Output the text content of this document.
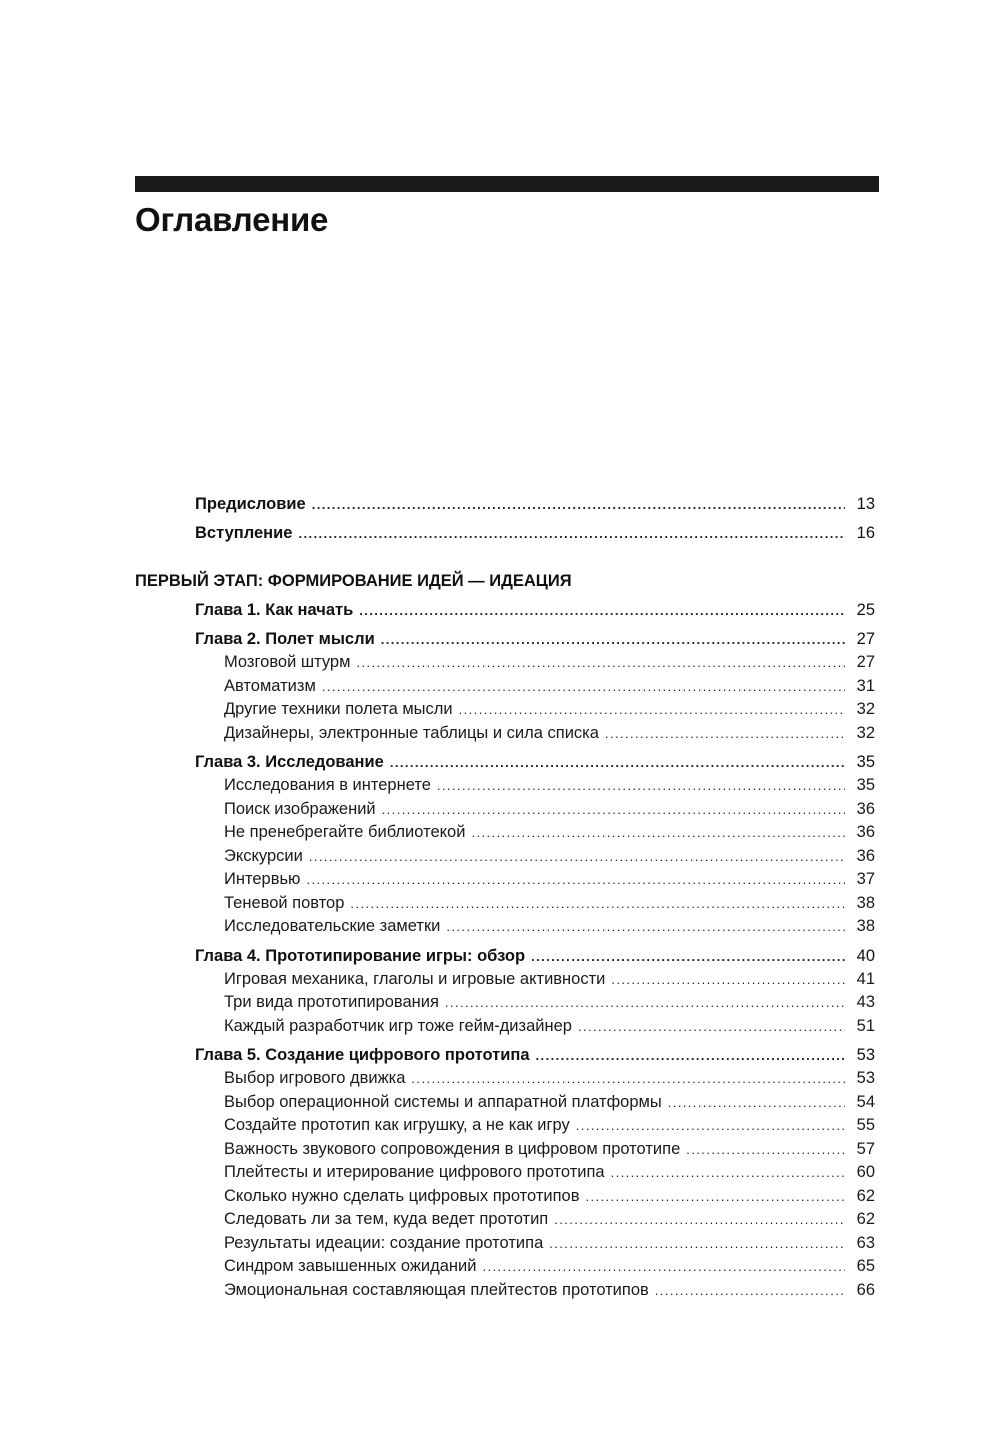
Оглавление
Предисловие .....	13
Вступление .....	16
ПЕРВЫЙ ЭТАП: ФОРМИРОВАНИЕ ИДЕЙ — ИДЕАЦИЯ
Глава 1. Как начать .....	25
Глава 2. Полет мысли .....	27
Мозговой штурм .....	27
Автоматизм .....	31
Другие техники полета мысли .....	32
Дизайнеры, электронные таблицы и сила списка .....	32
Глава 3. Исследование .....	35
Исследования в интернете .....	35
Поиск изображений .....	36
Не пренебрегайте библиотекой .....	36
Экскурсии .....	36
Интервью .....	37
Теневой повтор .....	38
Исследовательские заметки .....	38
Глава 4. Прототипирование игры: обзор .....	40
Игровая механика, глаголы и игровые активности .....	41
Три вида прототипирования .....	43
Каждый разработчик игр тоже гейм-дизайнер .....	51
Глава 5. Создание цифрового прототипа .....	53
Выбор игрового движка .....	53
Выбор операционной системы и аппаратной платформы .....	54
Создайте прототип как игрушку, а не как игру .....	55
Важность звукового сопровождения в цифровом прототипе .....	57
Плейтесты и итерирование цифрового прототипа .....	60
Сколько нужно сделать цифровых прототипов .....	62
Следовать ли за тем, куда ведет прототип .....	62
Результаты идеации: создание прототипа .....	63
Синдром завышенных ожиданий .....	65
Эмоциональная составляющая плейтестов прототипов .....	66
